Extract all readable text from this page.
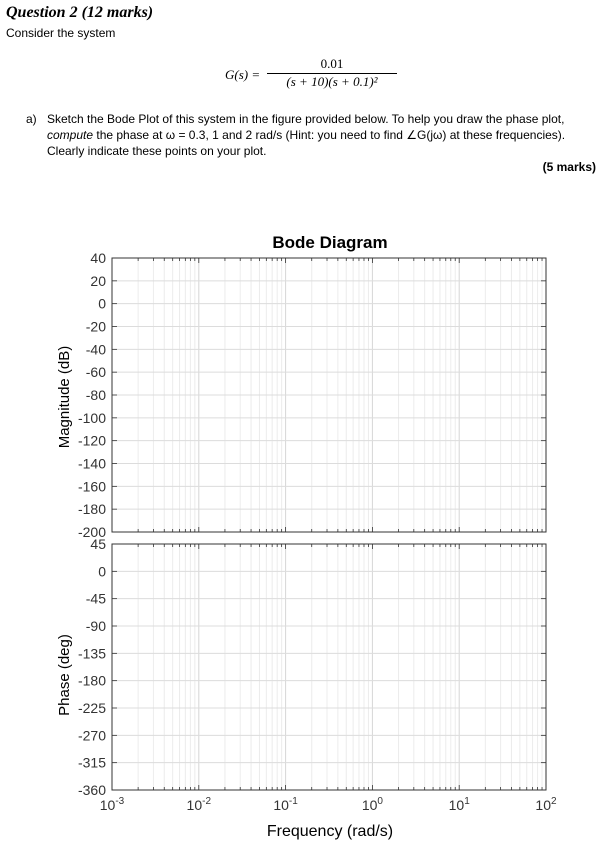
Question 2 (12 marks)
Consider the system
G(s) =
0.01
(s + 10)(s + 0.1)²
a) Sketch the Bode Plot of this system in the figure provided below. To help you draw the phase plot,
compute the phase at ω = 0.3, 1 and 2 rad/s (Hint: you need to find ∠G(jω) at these frequencies).
Clearly indicate these points on your plot.
(5 marks)
Bode Diagram
Magnitude (dB)
Phase (deg)
Frequency (rad/s)
40
20
0
-20
-40
-60
-80
-100
-120
-140
-160
-180
-200
45
0
-45
-90
-135
-180
-225
-270
-315
-360
$10^{-3}$	$10^{-2}$	$10^{-1}$	$10^0$	$10^1$	$10^2$
